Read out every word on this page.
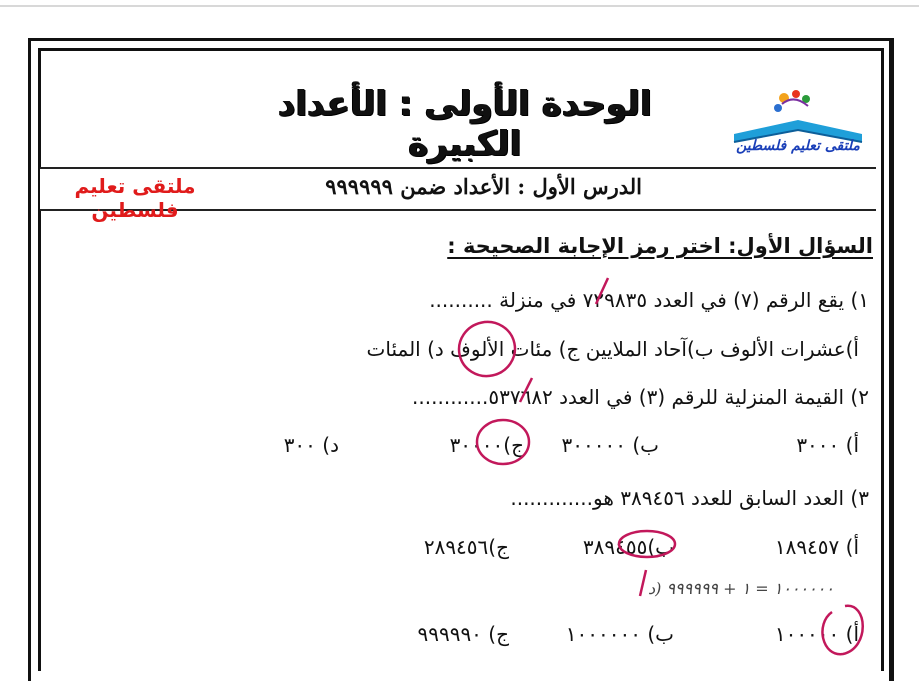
الوحدة الأولى : الأعداد الكبيرة	ملتقى تعليم فلسطين
الدرس الأول : الأعداد ضمن ٩٩٩٩٩٩
ملتقى تعليم فلسطين
السؤال الأول: اختر رمز الإجابة الصحيحة :
١) يقع الرقم (٧) في العدد ٧٢٩٨٣٥ في منزلة ..........
أ)عشرات الألوف ب)آحاد الملايين ج) مئات الألوف د) المئات
٢) القيمة المنزلية للرقم (٣) في العدد ٥٣٧٦٨٢............
أ) ٣٠٠٠
ب) ٣٠٠٠٠٠
ج)٣٠٠٠٠
د) ٣٠٠
٣) العدد السابق للعدد ٣٨٩٤٥٦ هو.............
أ) ١٨٩٤٥٧
ب)٣٨٩٤٥٥
ج)٢٨٩٤٥٦
١٠٠٠٠٠٠ = ١ + ٩٩٩٩٩٩ (د
أ) ١٠٠٠٠٠
ب) ١٠٠٠٠٠٠
ج) ٩٩٩٩٩٠
